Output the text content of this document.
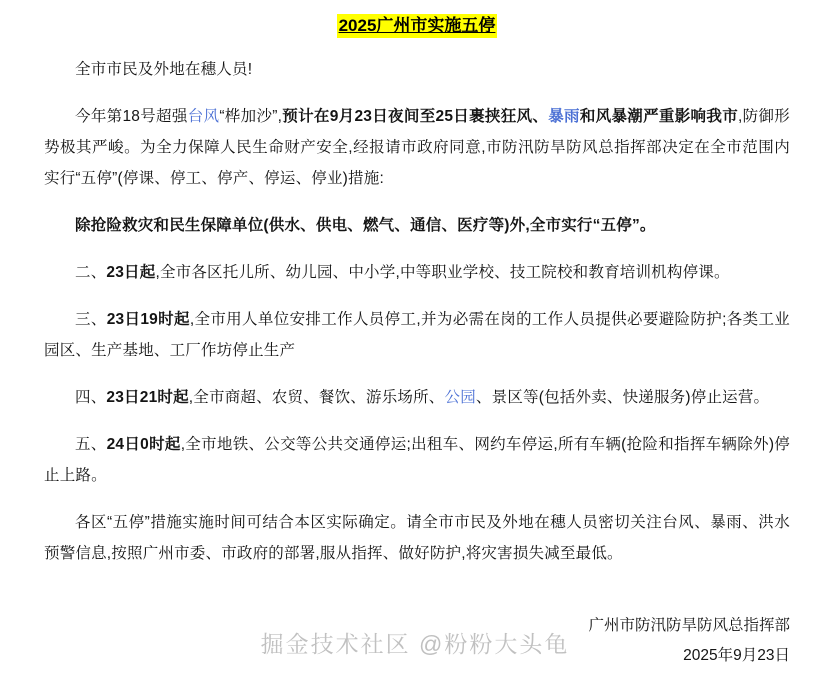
2025广州市实施五停

全市市民及外地在穗人员!

今年第18号超强台风“桦加沙”,预计在9月23日夜间至25日裹挟狂风、暴雨和风暴潮严重影响我市,防御形势极其严峻。为全力保障人民生命财产安全,经报请市政府同意,市防汛防旱防风总指挥部决定在全市范围内实行“五停”(停课、停工、停产、停运、停业)措施:

除抢险救灾和民生保障单位(供水、供电、燃气、通信、医疗等)外,全市实行“五停”。

二、23日起,全市各区托儿所、幼儿园、中小学,中等职业学校、技工院校和教育培训机构停课。

三、23日19时起,全市用人单位安排工作人员停工,并为必需在岗的工作人员提供必要避险防护;各类工业园区、生产基地、工厂作坊停止生产

四、23日21时起,全市商超、农贸、餐饮、游乐场所、公园、景区等(包括外卖、快递服务)停止运营。

五、24日0时起,全市地铁、公交等公共交通停运;出租车、网约车停运,所有车辆(抢险和指挥车辆除外)停止上路。

各区“五停”措施实施时间可结合本区实际确定。请全市市民及外地在穗人员密切关注台风、暴雨、洪水预警信息,按照广州市委、市政府的部署,服从指挥、做好防护,将灾害损失减至最低。

广州市防汛防旱防风总指挥部

2025年9月23日

掘金技术社区 @粉粉大头龟
